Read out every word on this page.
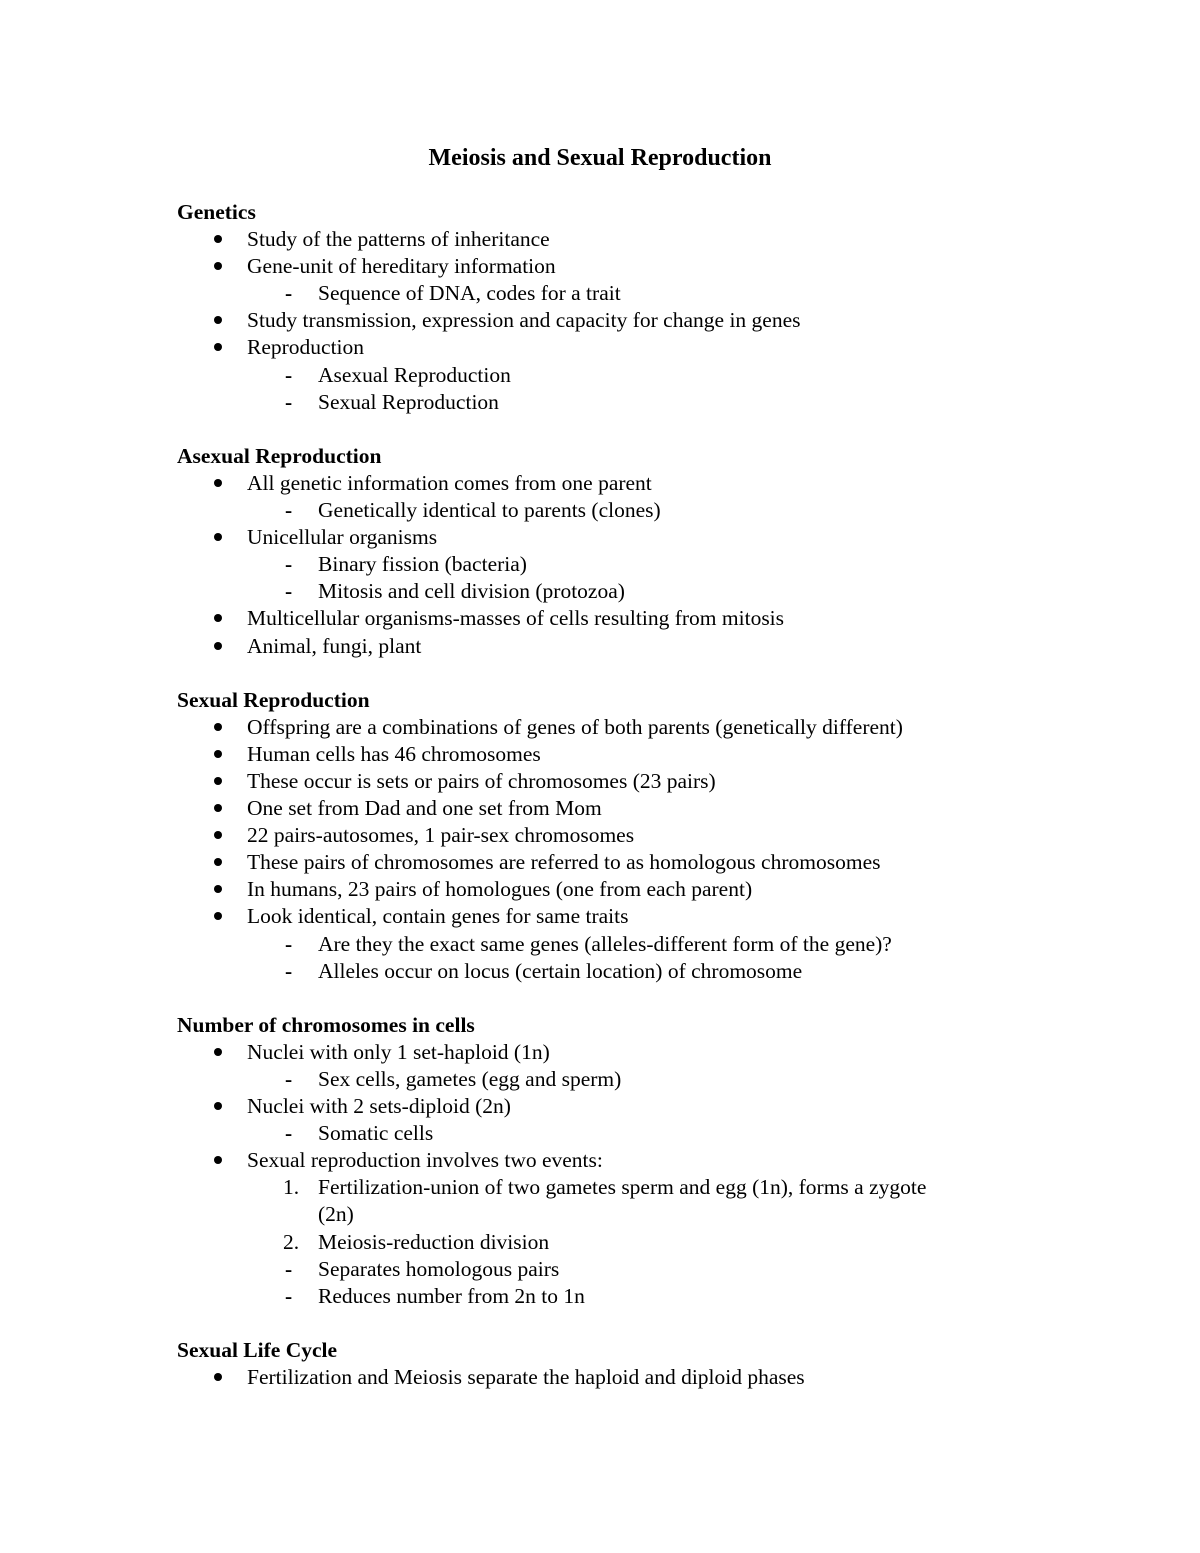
Meiosis and Sexual Reproduction
Genetics
Study of the patterns of inheritance
Gene-unit of hereditary information
- Sequence of DNA, codes for a trait
Study transmission, expression and capacity for change in genes
Reproduction
- Asexual Reproduction
- Sexual Reproduction
Asexual Reproduction
All genetic information comes from one parent
- Genetically identical to parents (clones)
Unicellular organisms
- Binary fission (bacteria)
- Mitosis and cell division (protozoa)
Multicellular organisms-masses of cells resulting from mitosis
Animal, fungi, plant
Sexual Reproduction
Offspring are a combinations of genes of both parents (genetically different)
Human cells has 46 chromosomes
These occur is sets or pairs of chromosomes (23 pairs)
One set from Dad and one set from Mom
22 pairs-autosomes, 1 pair-sex chromosomes
These pairs of chromosomes are referred to as homologous chromosomes
In humans, 23 pairs of homologues (one from each parent)
Look identical, contain genes for same traits
- Are they the exact same genes (alleles-different form of the gene)?
- Alleles occur on locus (certain location) of chromosome
Number of chromosomes in cells
Nuclei with only 1 set-haploid (1n)
- Sex cells, gametes (egg and sperm)
Nuclei with 2 sets-diploid (2n)
- Somatic cells
Sexual reproduction involves two events:
1. Fertilization-union of two gametes sperm and egg (1n), forms a zygote
(2n)
2. Meiosis-reduction division
- Separates homologous pairs
- Reduces number from 2n to 1n
Sexual Life Cycle
Fertilization and Meiosis separate the haploid and diploid phases
